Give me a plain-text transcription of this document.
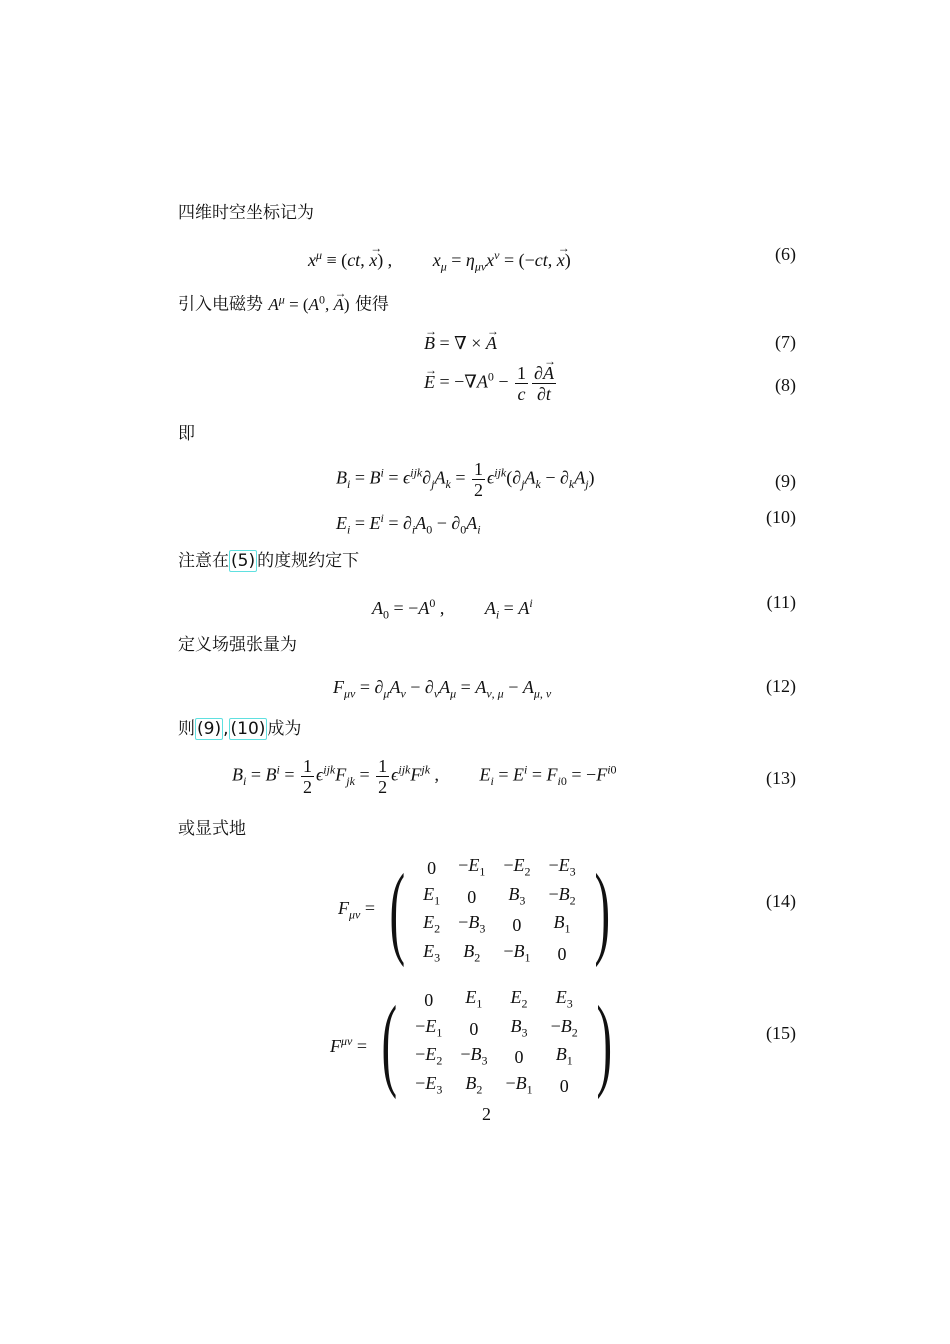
四维时空坐标记为
$x^\mu \equiv (ct$, → x) ,         $x_\mu = \eta_{\mu\nu}x^\nu = (-ct$, → x)	(6)
引入电磁势 $A^\mu = (A^0$, → A) 使得
→ B = ∇ × → A	(7)
→ $E = -\nabla A^0 - \frac{1}{c} \frac{\partial\to A}{\partial t}$	(8)
即
$B_i = B^i = \epsilon^{ijk}\partial_jA_k = \frac{1}{2} \epsilon^{ijk}(\partial_jA_k - \partial_kA_j)$	(9)
$E_i = E^i = \partial_iA_0 - \partial_0A_i$
(10)
注意在 (5) 的度规约定下
$A_0 = -A^0$ ,         $A_i = A^i$	(11)
定义场强张量为
$F_{\mu\nu} = \partial_\mu A_\nu - \partial_\nu A_\mu = A_{\nu, \mu} - A_{\mu, \nu}$	(12)
则 (9) , (10) 成为
$B_i = B^i = \frac{1}{2} \epsilon^{ijk}F_{jk} = \frac{1}{2} \epsilon^{ijk}F^{jk}$ ,         $E_i = E^i = F_{i0} = -F^{i0}$	(13)
或显式地
$F_{\mu\nu}$ = ( 0	$-E_1$	$-E_2$	$-E_3$
$E_1$	0	$B_3$	$-B_2$
$E_2$	$-B_3$	0	$B_1$
$E_3$	$B_2$	$-B_1$	0 )	(14)
$F^{\mu\nu}$ = ( 0	$E_1$	$E_2$	$E_3$
$-E_1$	0	$B_3$	$-B_2$
$-E_2$	$-B_3$	0	$B_1$
$-E_3$	$B_2$	$-B_1$	0 )	(15)
2
